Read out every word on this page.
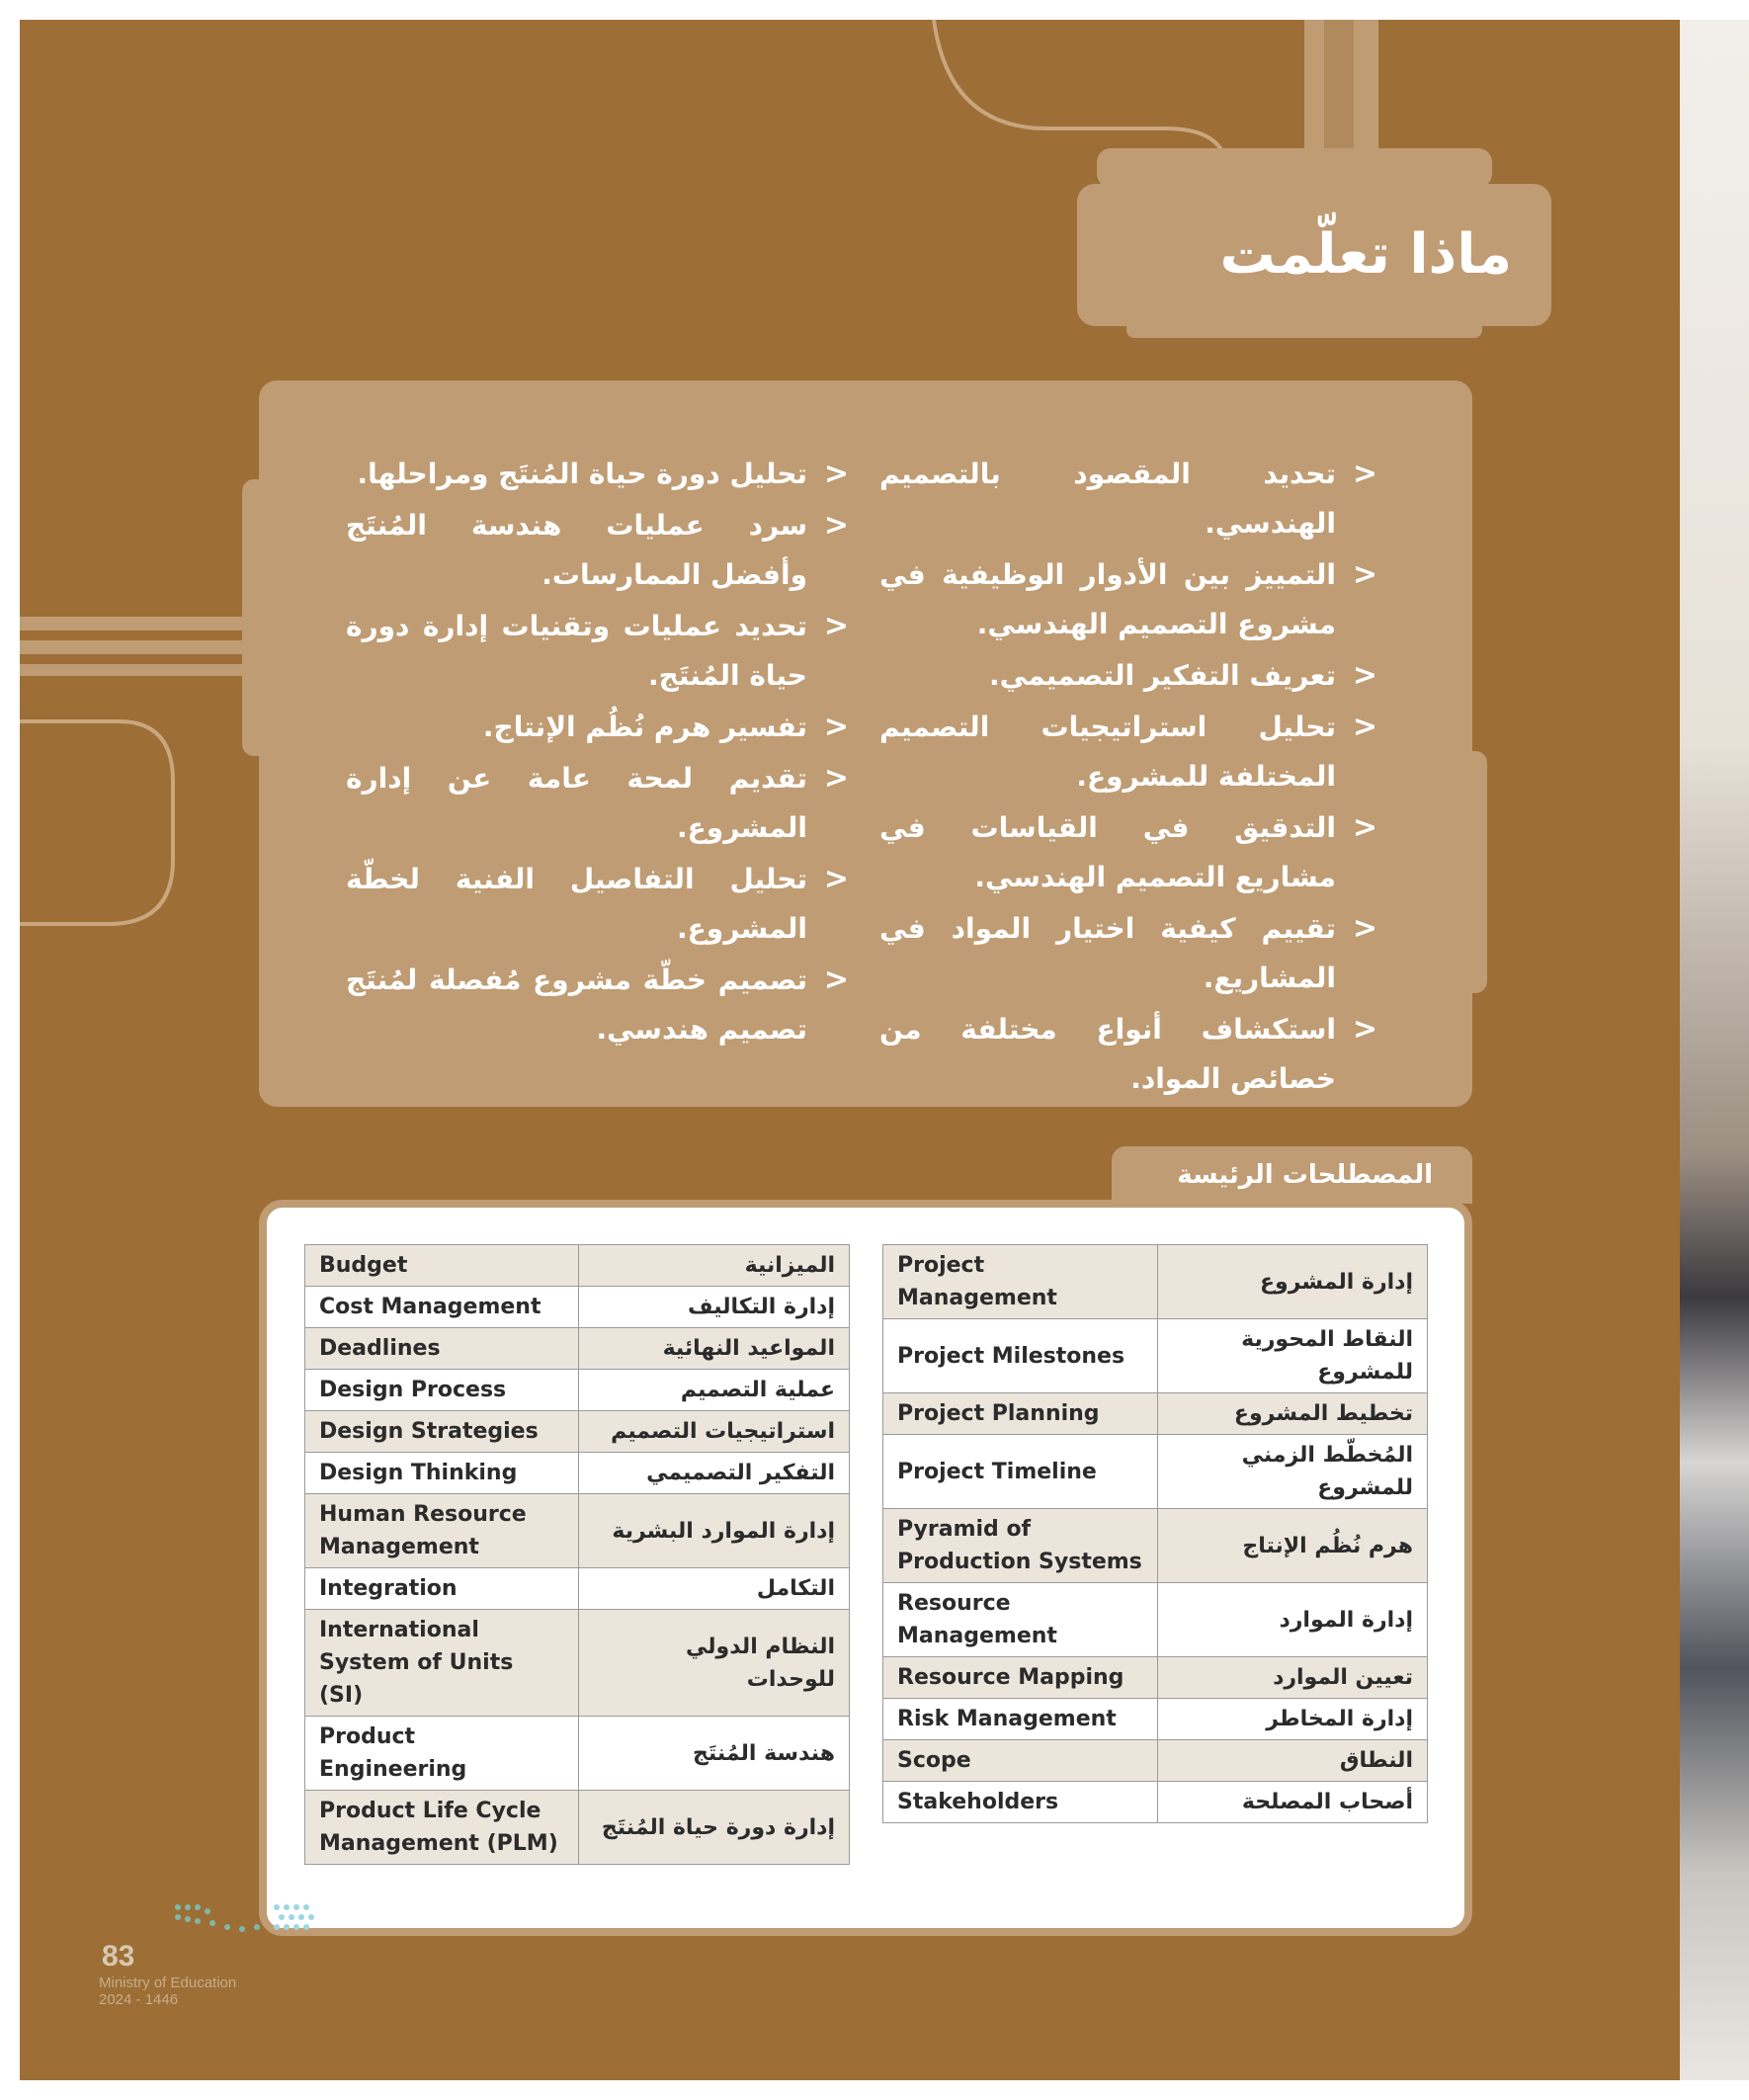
ماذا تعلّمت
<
تحديد المقصود بالتصميم الهندسي.
<
التمييز بين الأدوار الوظيفية في مشروع التصميم الهندسي.
<
تعريف التفكير التصميمي.
<
تحليل استراتيجيات التصميم المختلفة للمشروع.
<
التدقيق في القياسات في مشاريع التصميم الهندسي.
<
تقييم كيفية اختيار المواد في المشاريع.
<
استكشاف أنواع مختلفة من خصائص المواد.
<
تحليل دورة حياة المُنتَج ومراحلها.
<
سرد عمليات هندسة المُنتَج وأفضل الممارسات.
<
تحديد عمليات وتقنيات إدارة دورة حياة المُنتَج.
<
تفسير هرم نُظُم الإنتاج.
<
تقديم لمحة عامة عن إدارة المشروع.
<
تحليل التفاصيل الفنية لخطّة المشروع.
<
تصميم خطّة مشروع مُفصلة لمُنتَج تصميم هندسي.
المصطلحات الرئيسة
Budget	الميزانية
Cost Management	إدارة التكاليف
Deadlines	المواعيد النهائية
Design Process	عملية التصميم
Design Strategies	استراتيجيات التصميم
Design Thinking	التفكير التصميمي
Human Resource Management	إدارة الموارد البشرية
Integration	التكامل
International System of Units (SI)	النظام الدولي للوحدات
Product Engineering	هندسة المُنتَج
Product Life Cycle Management (PLM)	إدارة دورة حياة المُنتَج
Project Management	إدارة المشروع
Project Milestones	النقاط المحورية للمشروع
Project Planning	تخطيط المشروع
Project Timeline	المُخطّط الزمني للمشروع
Pyramid of Production Systems	هرم نُظُم الإنتاج
Resource Management	إدارة الموارد
Resource Mapping	تعيين الموارد
Risk Management	إدارة المخاطر
Scope	النطاق
Stakeholders	أصحاب المصلحة
83
Ministry of Education
2024 - 1446
